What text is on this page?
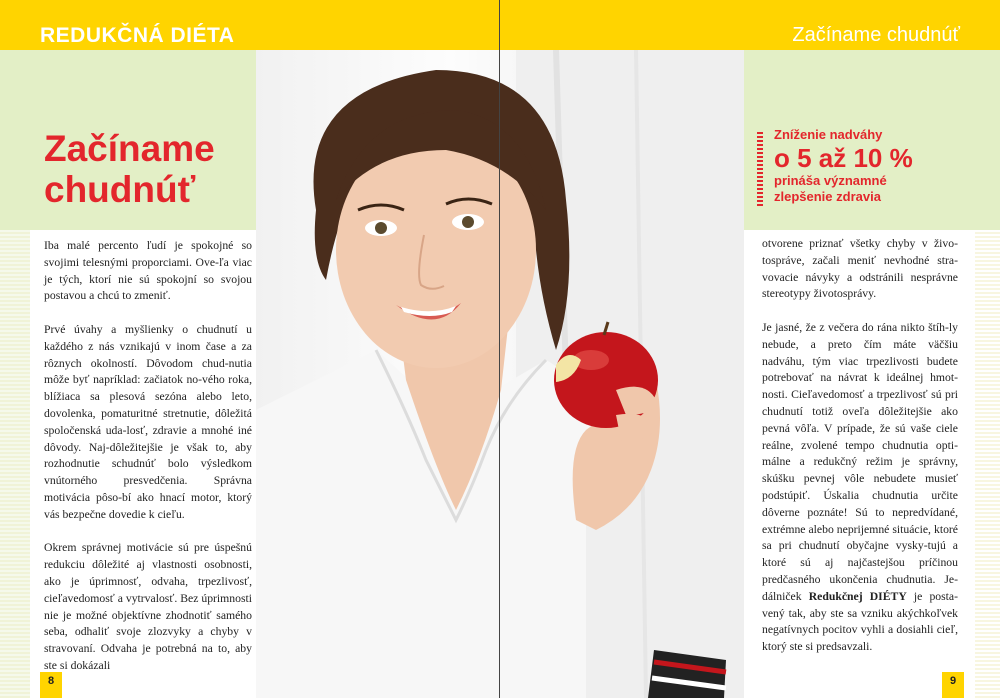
REDUKČNÁ DIÉTA	Začíname chudnúť
Začíname
chudnúť
Zníženie nadváhy
o 5 až 10 %
prináša významné
zlepšenie zdravia

Iba malé percento ľudí je spokojné so svojimi telesnými proporciami. Ove-ľa viac je tých, ktorí nie sú spokojní so svojou postavou a chcú to zmeniť.

Prvé úvahy a myšlienky o chudnutí u každého z nás vznikajú v inom čase a za rôznych okolností. Dôvodom chud-nutia môže byť napríklad: začiatok no-vého roka, blížiaca sa plesová sezóna alebo leto, dovolenka, pomaturitné stretnutie, dôležitá spoločenská uda-losť, zdravie a mnohé iné dôvody. Naj-dôležitejšie je však to, aby rozhodnutie schudnúť bolo výsledkom vnútorného presvedčenia. Správna motivácia pôso-bí ako hnací motor, ktorý vás bezpečne dovedie k cieľu.

Okrem správnej motivácie sú pre úspešnú redukciu dôležité aj vlastnosti osobnosti, ako je úprimnosť, odvaha, trpezlivosť, cieľavedomosť a vytrvalosť. Bez úprimnosti nie je možné objektívne zhodnotiť samého seba, odhaliť svoje zlozvyky a chyby v stravovaní. Odvaha je potrebná na to, aby ste si dokázali

otvorene priznať všetky chyby v živo-tospráve, začali meniť nevhodné stra-vovacie návyky a odstránili nesprávne stereotypy životosprávy.

Je jasné, že z večera do rána nikto štíh-ly nebude, a preto čím máte väčšiu nadváhu, tým viac trpezlivosti budete potrebovať na návrat k ideálnej hmot-nosti. Cieľavedomosť a trpezlivosť sú pri chudnutí totiž oveľa dôležitejšie ako pevná vôľa. V prípade, že sú vaše ciele reálne, zvolené tempo chudnutia opti-málne a redukčný režim je správny, skúšku pevnej vôle nebudete musieť podstúpiť. Úskalia chudnutia určite dôverne poznáte! Sú to nepredvídané, extrémne alebo neprijemné situácie, ktoré sa pri chudnutí obyčajne vysky-tujú a ktoré sú aj najčastejšou príčinou predčasného ukončenia chudnutia. Je-dálniček Redukčnej DIÉTY je posta-vený tak, aby ste sa vzniku akýchkoľvek negatívnych pocitov vyhli a dosiahli cieľ, ktorý ste si predsavzali.

8	9
